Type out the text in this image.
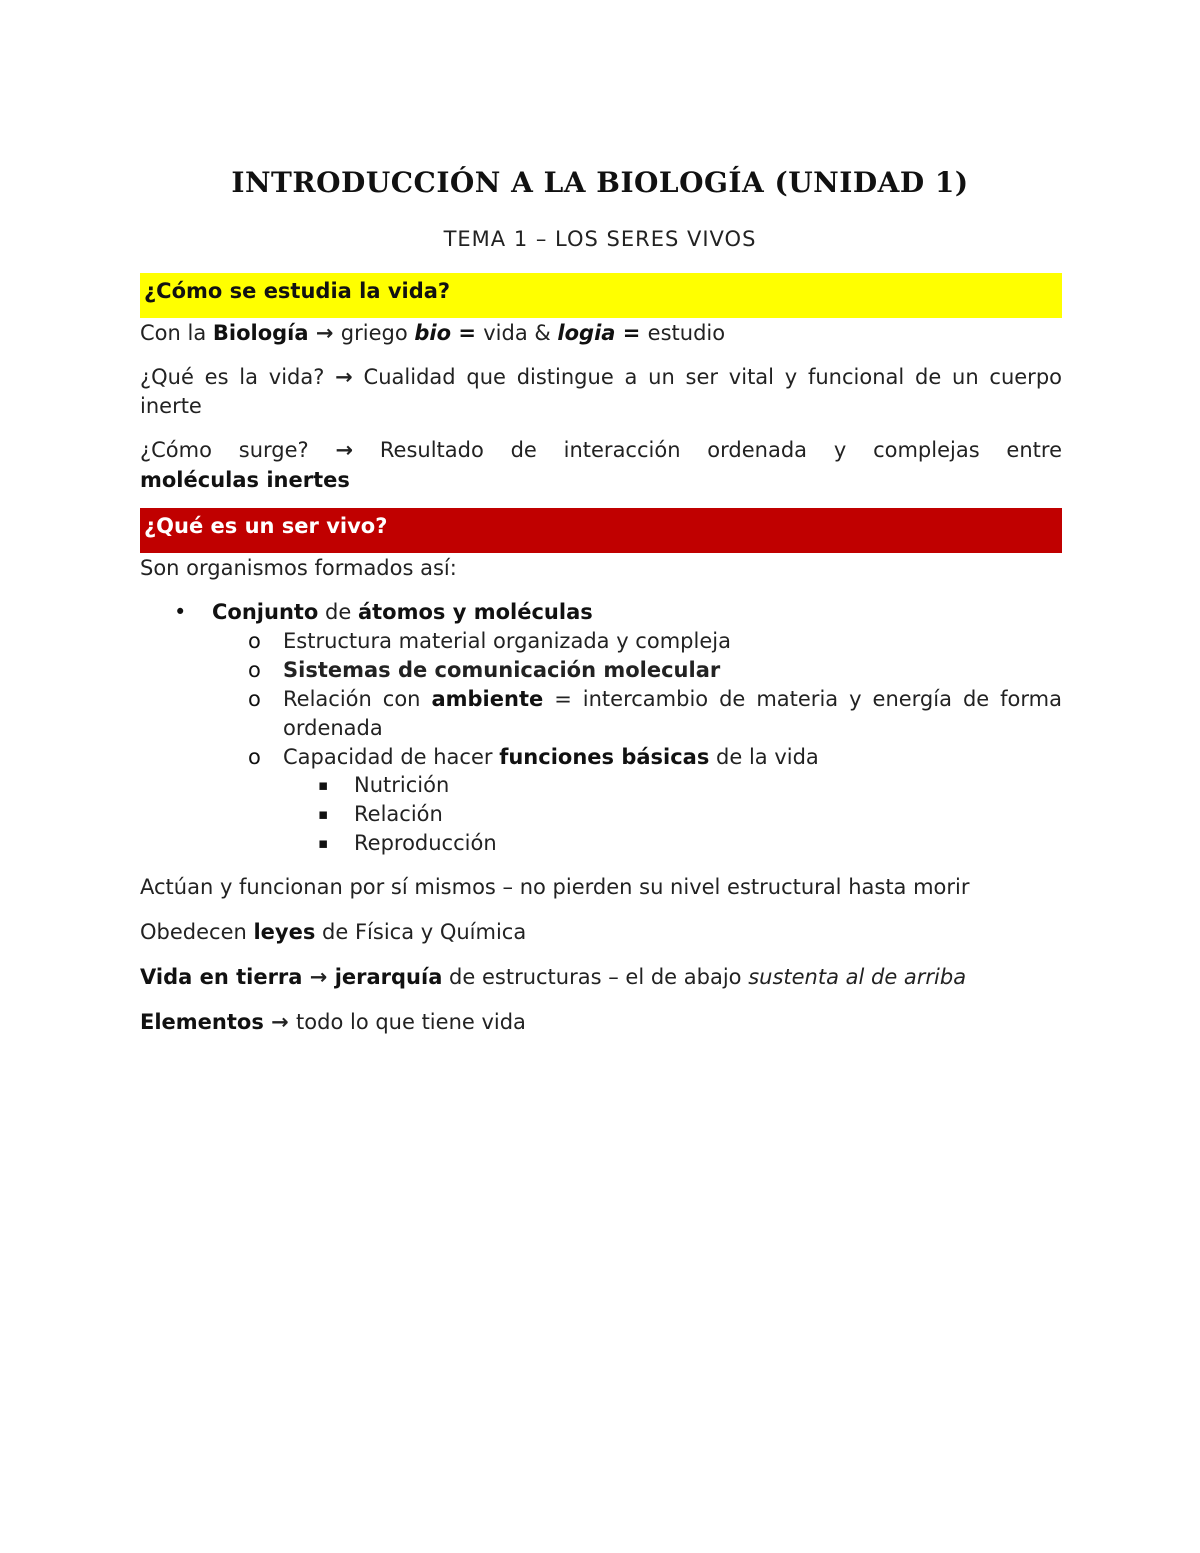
INTRODUCCIÓN A LA BIOLOGÍA (UNIDAD 1)
TEMA 1 – LOS SERES VIVOS
¿Cómo se estudia la vida?
Con la Biología → griego bio = vida & logia = estudio
¿Qué es la vida? → Cualidad que distingue a un ser vital y funcional de un cuerpo inerte
¿Cómo surge? → Resultado de interacción ordenada y complejas entre
moléculas inertes
¿Qué es un ser vivo?
Son organismos formados así:
• Conjunto de átomos y moléculas
o Estructura material organizada y compleja
o Sistemas de comunicación molecular
o Relación con ambiente = intercambio de materia y energía de forma ordenada
o Capacidad de hacer funciones básicas de la vida
▪ Nutrición
▪ Relación
▪ Reproducción
Actúan y funcionan por sí mismos – no pierden su nivel estructural hasta morir
Obedecen leyes de Física y Química
Vida en tierra → jerarquía de estructuras – el de abajo sustenta al de arriba
Elementos → todo lo que tiene vida
